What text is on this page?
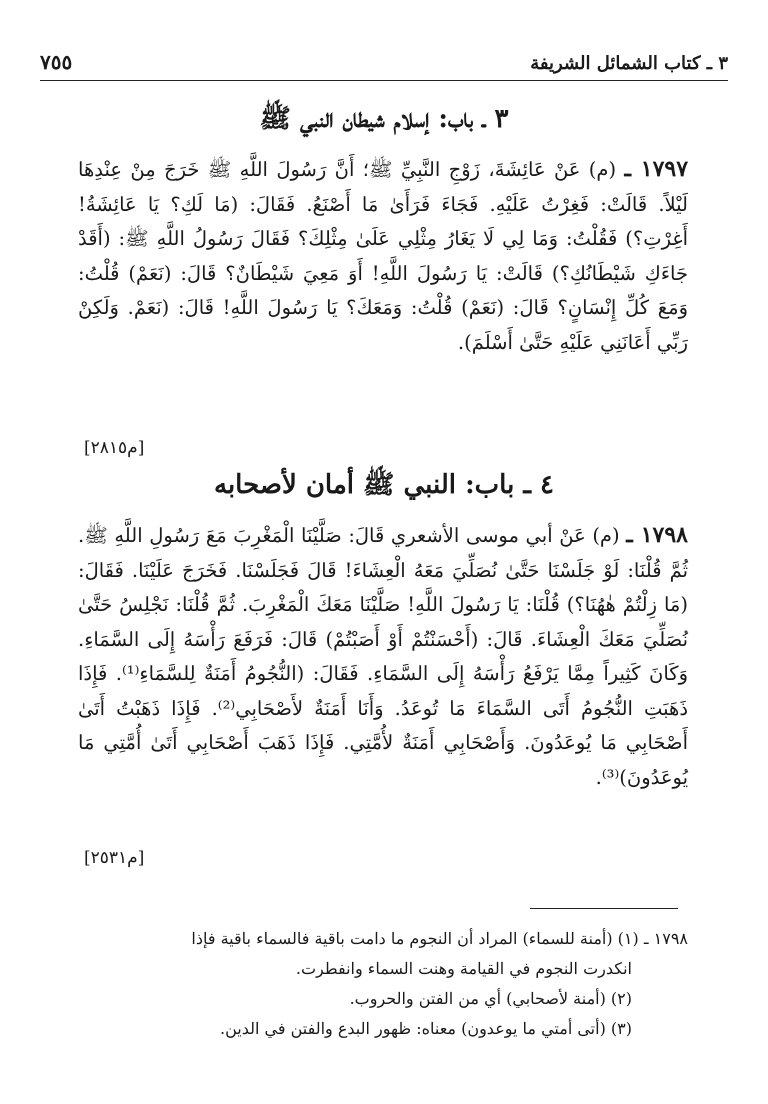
٣ ـ كتاب الشمائل الشريفة
٧٥٥
٣ ـ باب: إسلام شيطان النبي ﷺ
١٧٩٧ ـ (م) عَنْ عَائِشَةَ، زَوْجِ النَّبِيِّ ﷺ؛ أَنَّ رَسُولَ اللَّهِ ﷺ خَرَجَ مِنْ عِنْدِهَا لَيْلاً. قَالَتْ: فَغِرْتُ عَلَيْهِ. فَجَاءَ فَرَأَىٰ مَا أَصْنَعُ. فَقَالَ: (مَا لَكِ؟ يَا عَائِشَةُ! أَغِرْتِ؟) فَقُلْتُ: وَمَا لِي لَا يَغَارُ مِثْلِي عَلَىٰ مِثْلِكَ؟ فَقَالَ رَسُولُ اللَّهِ ﷺ: (أَقَدْ جَاءَكِ شَيْطَانُكِ؟) قَالَتْ: يَا رَسُولَ اللَّهِ! أَوَ مَعِيَ شَيْطَانٌ؟ قَالَ: (نَعَمْ) قُلْتُ: وَمَعَ كُلِّ إِنْسَانٍ؟ قَالَ: (نَعَمْ) قُلْتُ: وَمَعَكَ؟ يَا رَسُولَ اللَّهِ! قَالَ: (نَعَمْ. وَلَكِنْ رَبِّي أَعَانَنِي عَلَيْهِ حَتَّىٰ أَسْلَمَ).
[م٢٨١٥]
٤ ـ باب: النبي ﷺ أمان لأصحابه
١٧٩٨ ـ (م) عَنْ أبي موسى الأشعري قَالَ: صَلَّيْنَا الْمَغْرِبَ مَعَ رَسُولِ اللَّهِ ﷺ. ثُمَّ قُلْنَا: لَوْ جَلَسْنَا حَتَّىٰ نُصَلِّيَ مَعَهُ الْعِشَاءَ! قَالَ فَجَلَسْنَا. فَخَرَجَ عَلَيْنَا. فَقَالَ: (مَا زِلْتُمْ هٰهُنَا؟) قُلْنَا: يَا رَسُولَ اللَّهِ! صَلَّيْنَا مَعَكَ الْمَغْرِبَ. ثُمَّ قُلْنَا: نَجْلِسُ حَتَّىٰ نُصَلِّيَ مَعَكَ الْعِشَاءَ. قَالَ: (أَحْسَنْتُمْ أَوْ أَصَبْتُمْ) قَالَ: فَرَفَعَ رَأْسَهُ إِلَى السَّمَاءِ. وَكَانَ كَثِيراً مِمَّا يَرْفَعُ رَأْسَهُ إِلَى السَّمَاءِ. فَقَالَ: (النُّجُومُ أَمَنَةٌ لِلسَّمَاءِ⁽¹⁾. فَإِذَا ذَهَبَتِ النُّجُومُ أَتَى السَّمَاءَ مَا تُوعَدُ. وَأَنَا أَمَنَةٌ لأَصْحَابِي⁽²⁾. فَإِذَا ذَهَبْتُ أَتَىٰ أَصْحَابِي مَا يُوعَدُونَ. وَأَصْحَابِي أَمَنَةٌ لأُمَّتِي. فَإِذَا ذَهَبَ أَصْحَابِي أَتَىٰ أُمَّتِي مَا يُوعَدُونَ)⁽³⁾.
[م٢٥٣١]
١٧٩٨ ـ (١) (أمنة للسماء) المراد أن النجوم ما دامت باقية فالسماء باقية فإذا
انكدرت النجوم في القيامة وهنت السماء وانفطرت.
(٢) (أمنة لأصحابي) أي من الفتن والحروب.
(٣) (أتى أمتي ما يوعدون) معناه: ظهور البدع والفتن في الدين.
